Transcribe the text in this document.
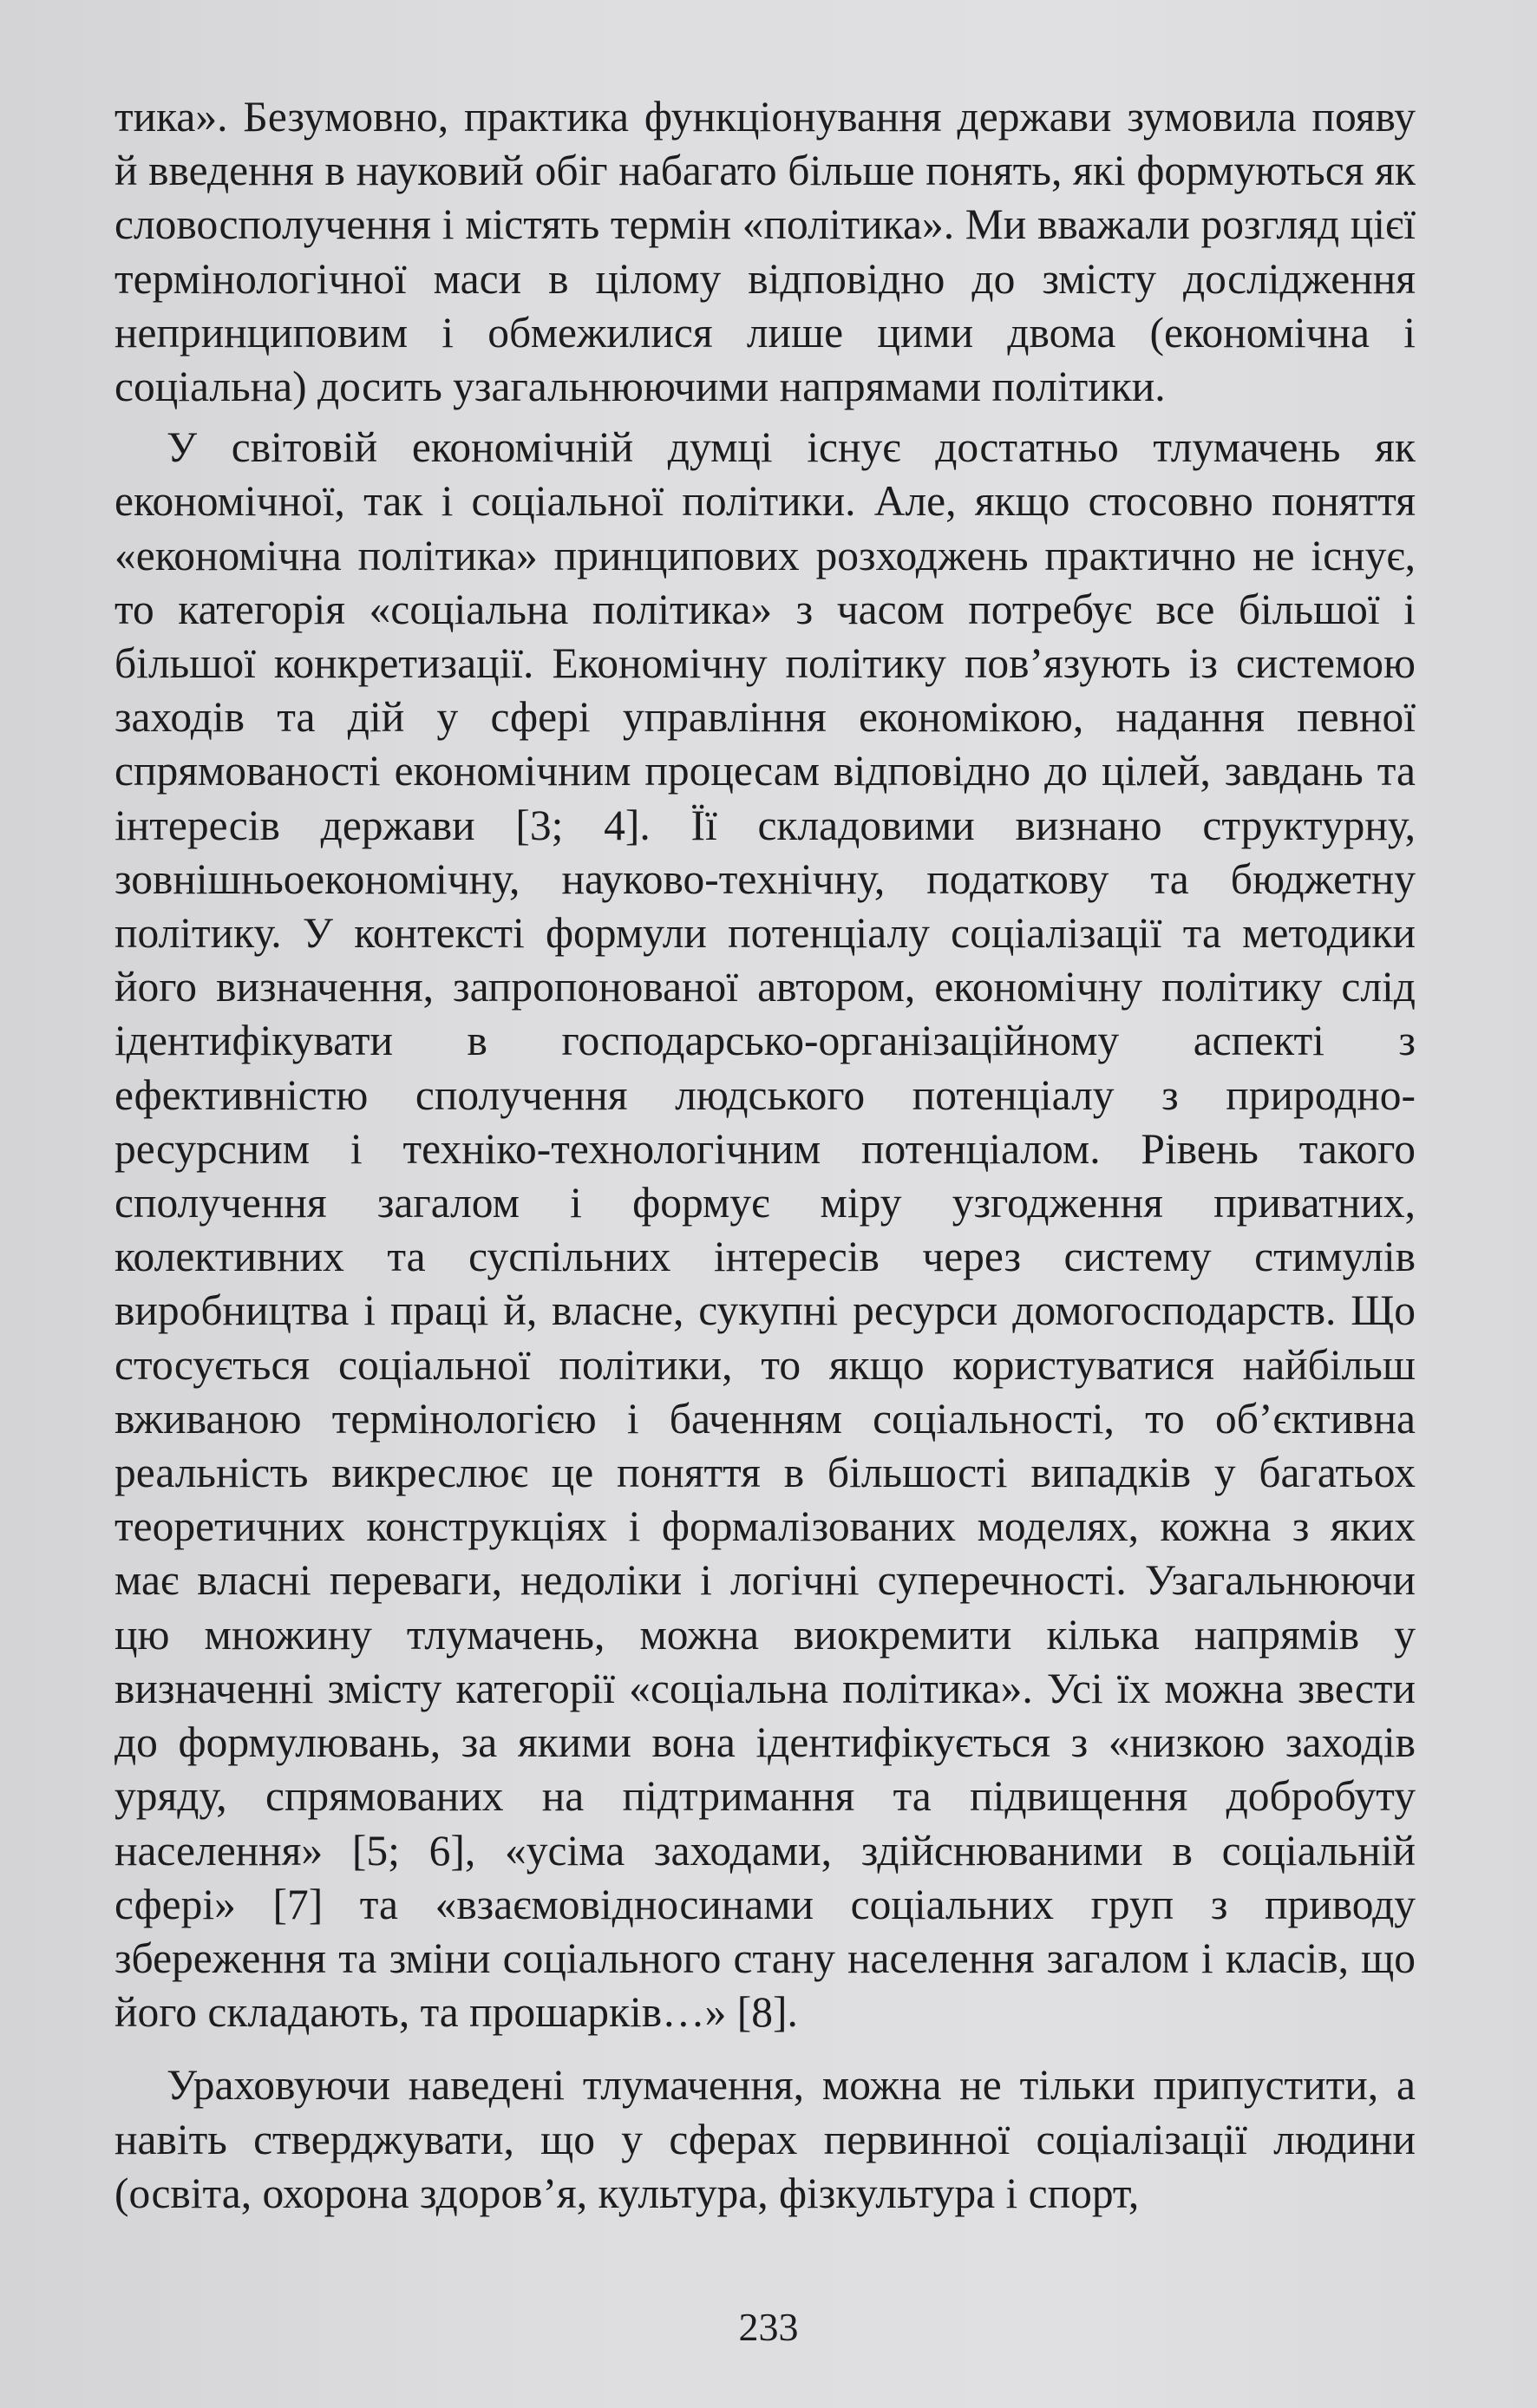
тика». Безумовно, практика функціонування держави зумовила появу й введення в науковий обіг набагато більше понять, які формуються як словосполучення і містять термін «політика». Ми вважали розгляд цієї термінологічної маси в цілому відповідно до змісту дослідження непринциповим і обмежилися лише цими двома (економічна і соціальна) досить узагальнюючими напрямами політики.

У світовій економічній думці існує достатньо тлумачень як економічної, так і соціальної політики. Але, якщо стосовно поняття «економічна політика» принципових розходжень практично не існує, то категорія «соціальна політика» з часом потребує все більшої і більшої конкретизації. Економічну політику пов’язують із системою заходів та дій у сфері управління економікою, надання певної спрямованості економічним процесам відповідно до цілей, завдань та інтересів держави [3; 4]. Її складовими визнано структурну, зовнішньоекономічну, науково-технічну, податкову та бюджетну політику. У контексті формули потенціалу соціалізації та методики його визначення, запропонованої автором, економічну політику слід ідентифікувати в господарсько-організаційному аспекті з ефективністю сполучення людського потенціалу з природно-ресурсним і техніко-технологічним потенціалом. Рівень такого сполучення загалом і формує міру узгодження приватних, колективних та суспільних інтересів через систему стимулів виробництва і праці й, власне, сукупні ресурси домогосподарств. Що стосується соціальної політики, то якщо користуватися найбільш вживаною термінологією і баченням соціальності, то об’єктивна реальність викреслює це поняття в більшості випадків у багатьох теоретичних конструкціях і формалізованих моделях, кожна з яких має власні переваги, недоліки і логічні суперечності. Узагальнюючи цю множину тлумачень, можна виокремити кілька напрямів у визначенні змісту категорії «соціальна політика». Усі їх можна звести до формулювань, за якими вона ідентифікується з «низкою заходів уряду, спрямованих на підтримання та підвищення добробуту населення» [5; 6], «усіма заходами, здійснюваними в соціальній сфері» [7] та «взаємовідносинами соціальних груп з приводу збереження та зміни соціального стану населення загалом і класів, що його складають, та прошарків…» [8].

Ураховуючи наведені тлумачення, можна не тільки припустити, а навіть стверджувати, що у сферах первинної соціалізації людини (освіта, охорона здоров’я, культура, фізкультура і спорт,

233
